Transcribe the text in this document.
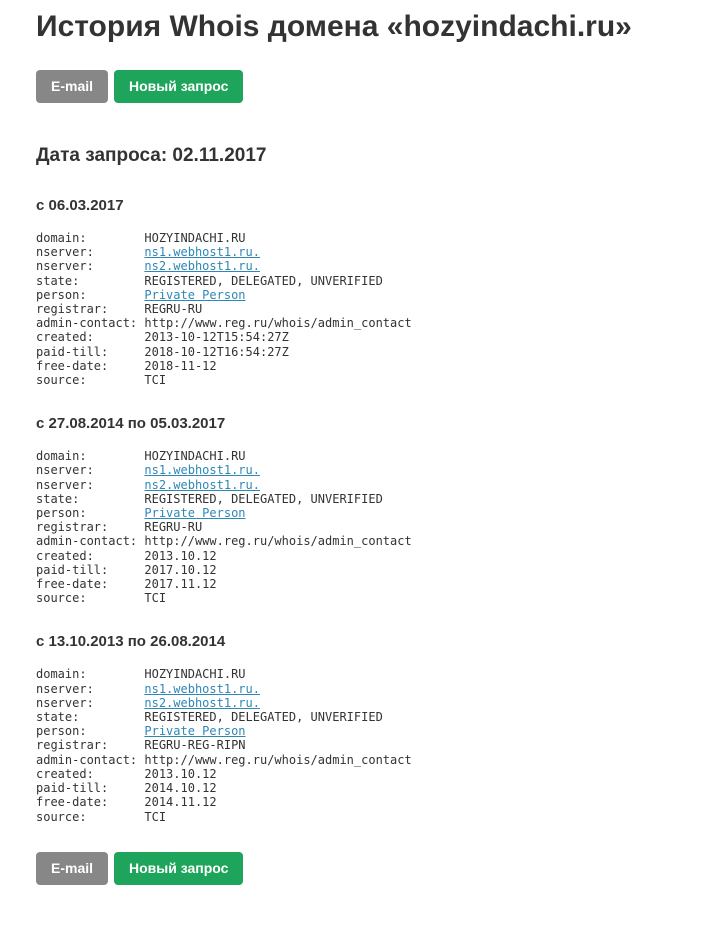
История Whois домена «hozyindachi.ru»
E-mail	Новый запрос
Дата запроса: 02.11.2017
с 06.03.2017
domain:        HOZYINDACHI.RU
nserver:       ns1.webhost1.ru.
nserver:       ns2.webhost1.ru.
state:         REGISTERED, DELEGATED, UNVERIFIED
person:        Private Person
registrar:     REGRU-RU
admin-contact: http://www.reg.ru/whois/admin_contact
created:       2013-10-12T15:54:27Z
paid-till:     2018-10-12T16:54:27Z
free-date:     2018-11-12
source:        TCI
с 27.08.2014 по 05.03.2017
domain:        HOZYINDACHI.RU
nserver:       ns1.webhost1.ru.
nserver:       ns2.webhost1.ru.
state:         REGISTERED, DELEGATED, UNVERIFIED
person:        Private Person
registrar:     REGRU-RU
admin-contact: http://www.reg.ru/whois/admin_contact
created:       2013.10.12
paid-till:     2017.10.12
free-date:     2017.11.12
source:        TCI
с 13.10.2013 по 26.08.2014
domain:        HOZYINDACHI.RU
nserver:       ns1.webhost1.ru.
nserver:       ns2.webhost1.ru.
state:         REGISTERED, DELEGATED, UNVERIFIED
person:        Private Person
registrar:     REGRU-REG-RIPN
admin-contact: http://www.reg.ru/whois/admin_contact
created:       2013.10.12
paid-till:     2014.10.12
free-date:     2014.11.12
source:        TCI
E-mail	Новый запрос
